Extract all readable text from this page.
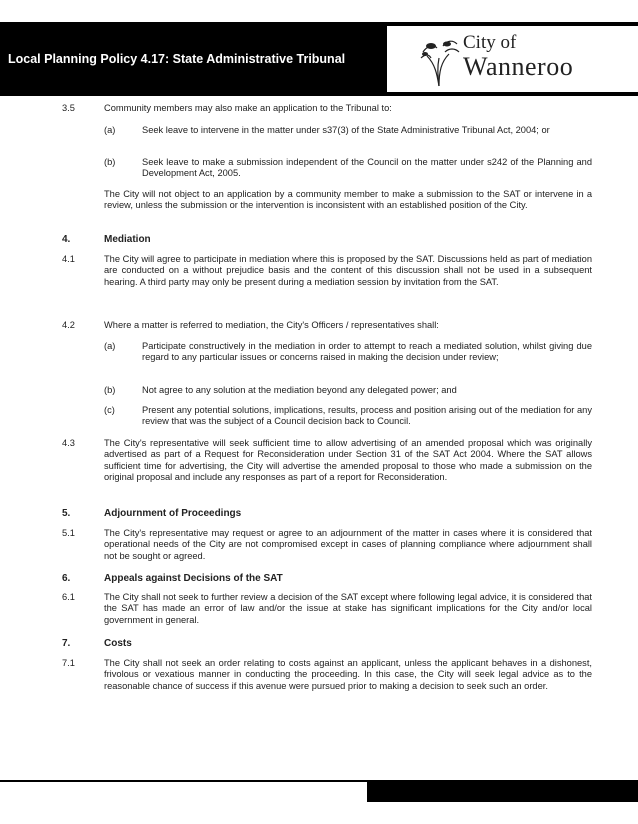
Local Planning Policy 4.17: State Administrative Tribunal
City of
Wanneroo
3.5	Community members may also make an application to the Tribunal to:
(a)	Seek leave to intervene in the matter under s37(3) of the State Administrative Tribunal Act, 2004; or
(b)	Seek leave to make a submission independent of the Council on the matter under s242 of the Planning and Development Act, 2005.
The City will not object to an application by a community member to make a submission to the SAT or intervene in a review, unless the submission or the intervention is inconsistent with an established position of the City.
4.	Mediation
4.1	The City will agree to participate in mediation where this is proposed by the SAT. Discussions held as part of mediation are conducted on a without prejudice basis and the content of this discussion shall not be used in a subsequent hearing. A third party may only be present during a mediation session by invitation from the SAT.
4.2	Where a matter is referred to mediation, the City's Officers / representatives shall:
(a)	Participate constructively in the mediation in order to attempt to reach a mediated solution, whilst giving due regard to any particular issues or concerns raised in making the decision under review;
(b)	Not agree to any solution at the mediation beyond any delegated power; and
(c)	Present any potential solutions, implications, results, process and position arising out of the mediation for any review that was the subject of a Council decision back to Council.
4.3	The City's representative will seek sufficient time to allow advertising of an amended proposal which was originally advertised as part of a Request for Reconsideration under Section 31 of the SAT Act 2004. Where the SAT allows sufficient time for advertising, the City will advertise the amended proposal to those who made a submission on the original proposal and include any responses as part of a report for Reconsideration.
5.	Adjournment of Proceedings
5.1	The City's representative may request or agree to an adjournment of the matter in cases where it is considered that operational needs of the City are not compromised except in cases of planning compliance where adjournment shall not be sought or agreed.
6.	Appeals against Decisions of the SAT
6.1	The City shall not seek to further review a decision of the SAT except where following legal advice, it is considered that the SAT has made an error of law and/or the issue at stake has significant implications for the City and/or local government in general.
7.	Costs
7.1	The City shall not seek an order relating to costs against an applicant, unless the applicant behaves in a dishonest, frivolous or vexatious manner in conducting the proceeding. In this case, the City will seek legal advice as to the reasonable chance of success if this avenue were pursued prior to making a decision to seek such an order.
